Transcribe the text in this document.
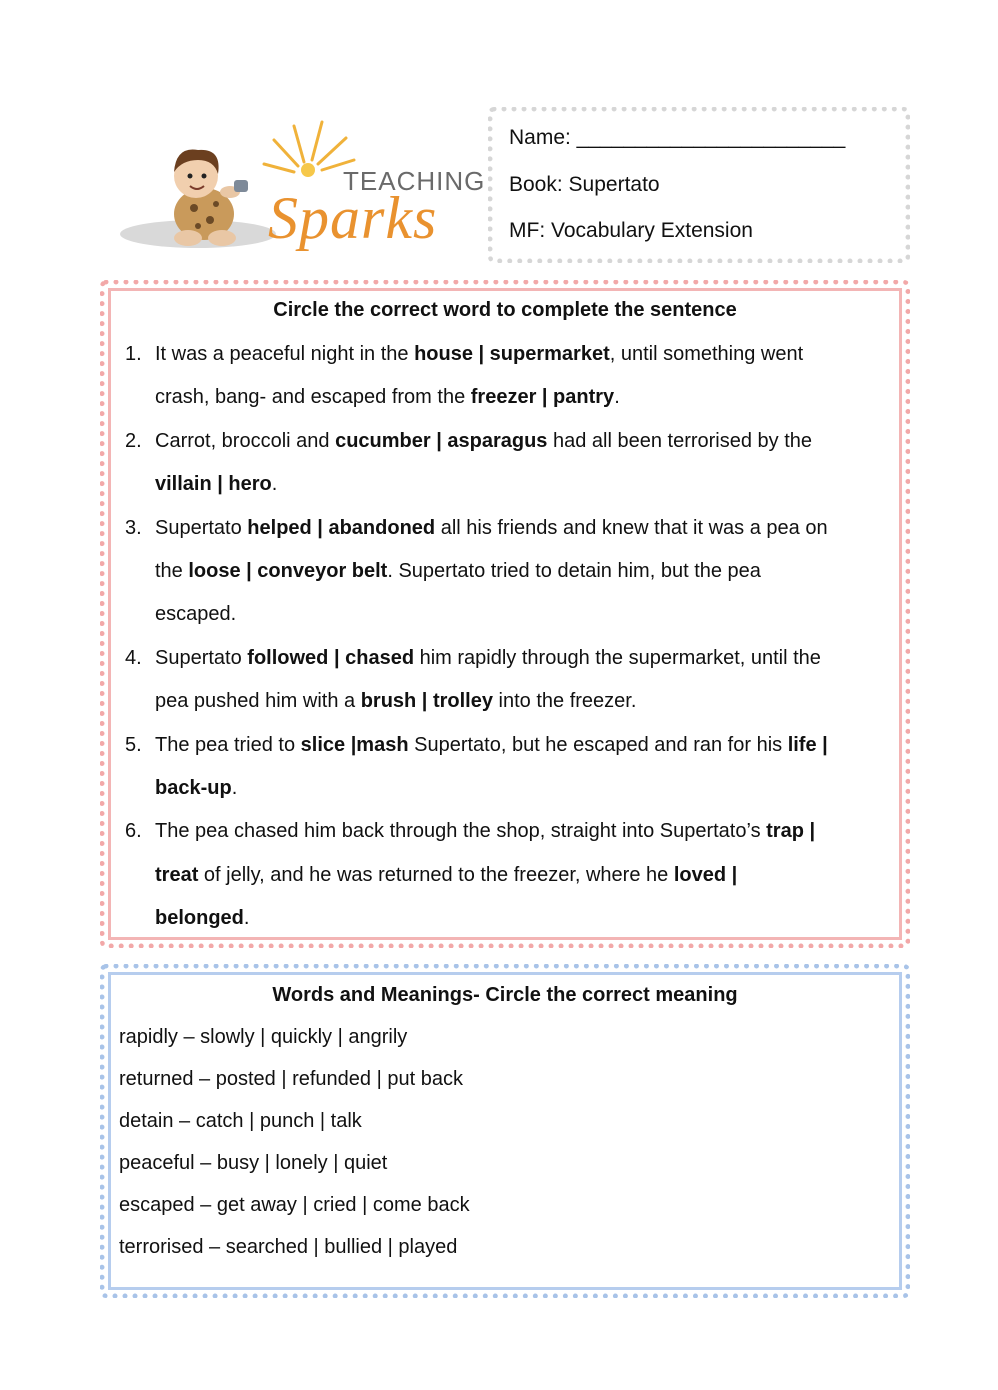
TEACHING
Sparks
Name: _______________________
Book: Supertato
MF: Vocabulary Extension
Circle the correct word to complete the sentence
1. It was a peaceful night in the house | supermarket, until something went
crash, bang- and escaped from the freezer | pantry.
2. Carrot, broccoli and cucumber | asparagus had all been terrorised by the
villain | hero.
3. Supertato helped | abandoned all his friends and knew that it was a pea on
the loose | conveyor belt. Supertato tried to detain him, but the pea
escaped.
4. Supertato followed | chased him rapidly through the supermarket, until the
pea pushed him with a brush | trolley into the freezer.
5. The pea tried to slice |mash Supertato, but he escaped and ran for his life |
back-up.
6. The pea chased him back through the shop, straight into Supertato’s trap |
treat of jelly, and he was returned to the freezer, where he loved |
belonged.
Words and Meanings- Circle the correct meaning
rapidly – slowly | quickly | angrily
returned – posted | refunded | put back
detain – catch | punch | talk
peaceful – busy | lonely | quiet
escaped – get away | cried | come back
terrorised – searched | bullied | played
